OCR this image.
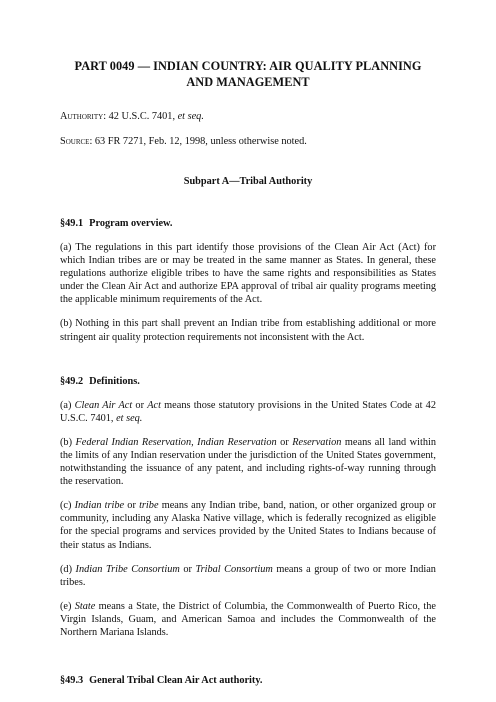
PART 0049 — INDIAN COUNTRY: AIR QUALITY PLANNING AND MANAGEMENT
Authority: 42 U.S.C. 7401, et seq.
Source: 63 FR 7271, Feb. 12, 1998, unless otherwise noted.
Subpart A—Tribal Authority
§49.1 Program overview.
(a) The regulations in this part identify those provisions of the Clean Air Act (Act) for which Indian tribes are or may be treated in the same manner as States. In general, these regulations authorize eligible tribes to have the same rights and responsibilities as States under the Clean Air Act and authorize EPA approval of tribal air quality programs meeting the applicable minimum requirements of the Act.
(b) Nothing in this part shall prevent an Indian tribe from establishing additional or more stringent air quality protection requirements not inconsistent with the Act.
§49.2 Definitions.
(a) Clean Air Act or Act means those statutory provisions in the United States Code at 42 U.S.C. 7401, et seq.
(b) Federal Indian Reservation, Indian Reservation or Reservation means all land within the limits of any Indian reservation under the jurisdiction of the United States government, notwithstanding the issuance of any patent, and including rights-of-way running through the reservation.
(c) Indian tribe or tribe means any Indian tribe, band, nation, or other organized group or community, including any Alaska Native village, which is federally recognized as eligible for the special programs and services provided by the United States to Indians because of their status as Indians.
(d) Indian Tribe Consortium or Tribal Consortium means a group of two or more Indian tribes.
(e) State means a State, the District of Columbia, the Commonwealth of Puerto Rico, the Virgin Islands, Guam, and American Samoa and includes the Commonwealth of the Northern Mariana Islands.
§49.3 General Tribal Clean Air Act authority.
